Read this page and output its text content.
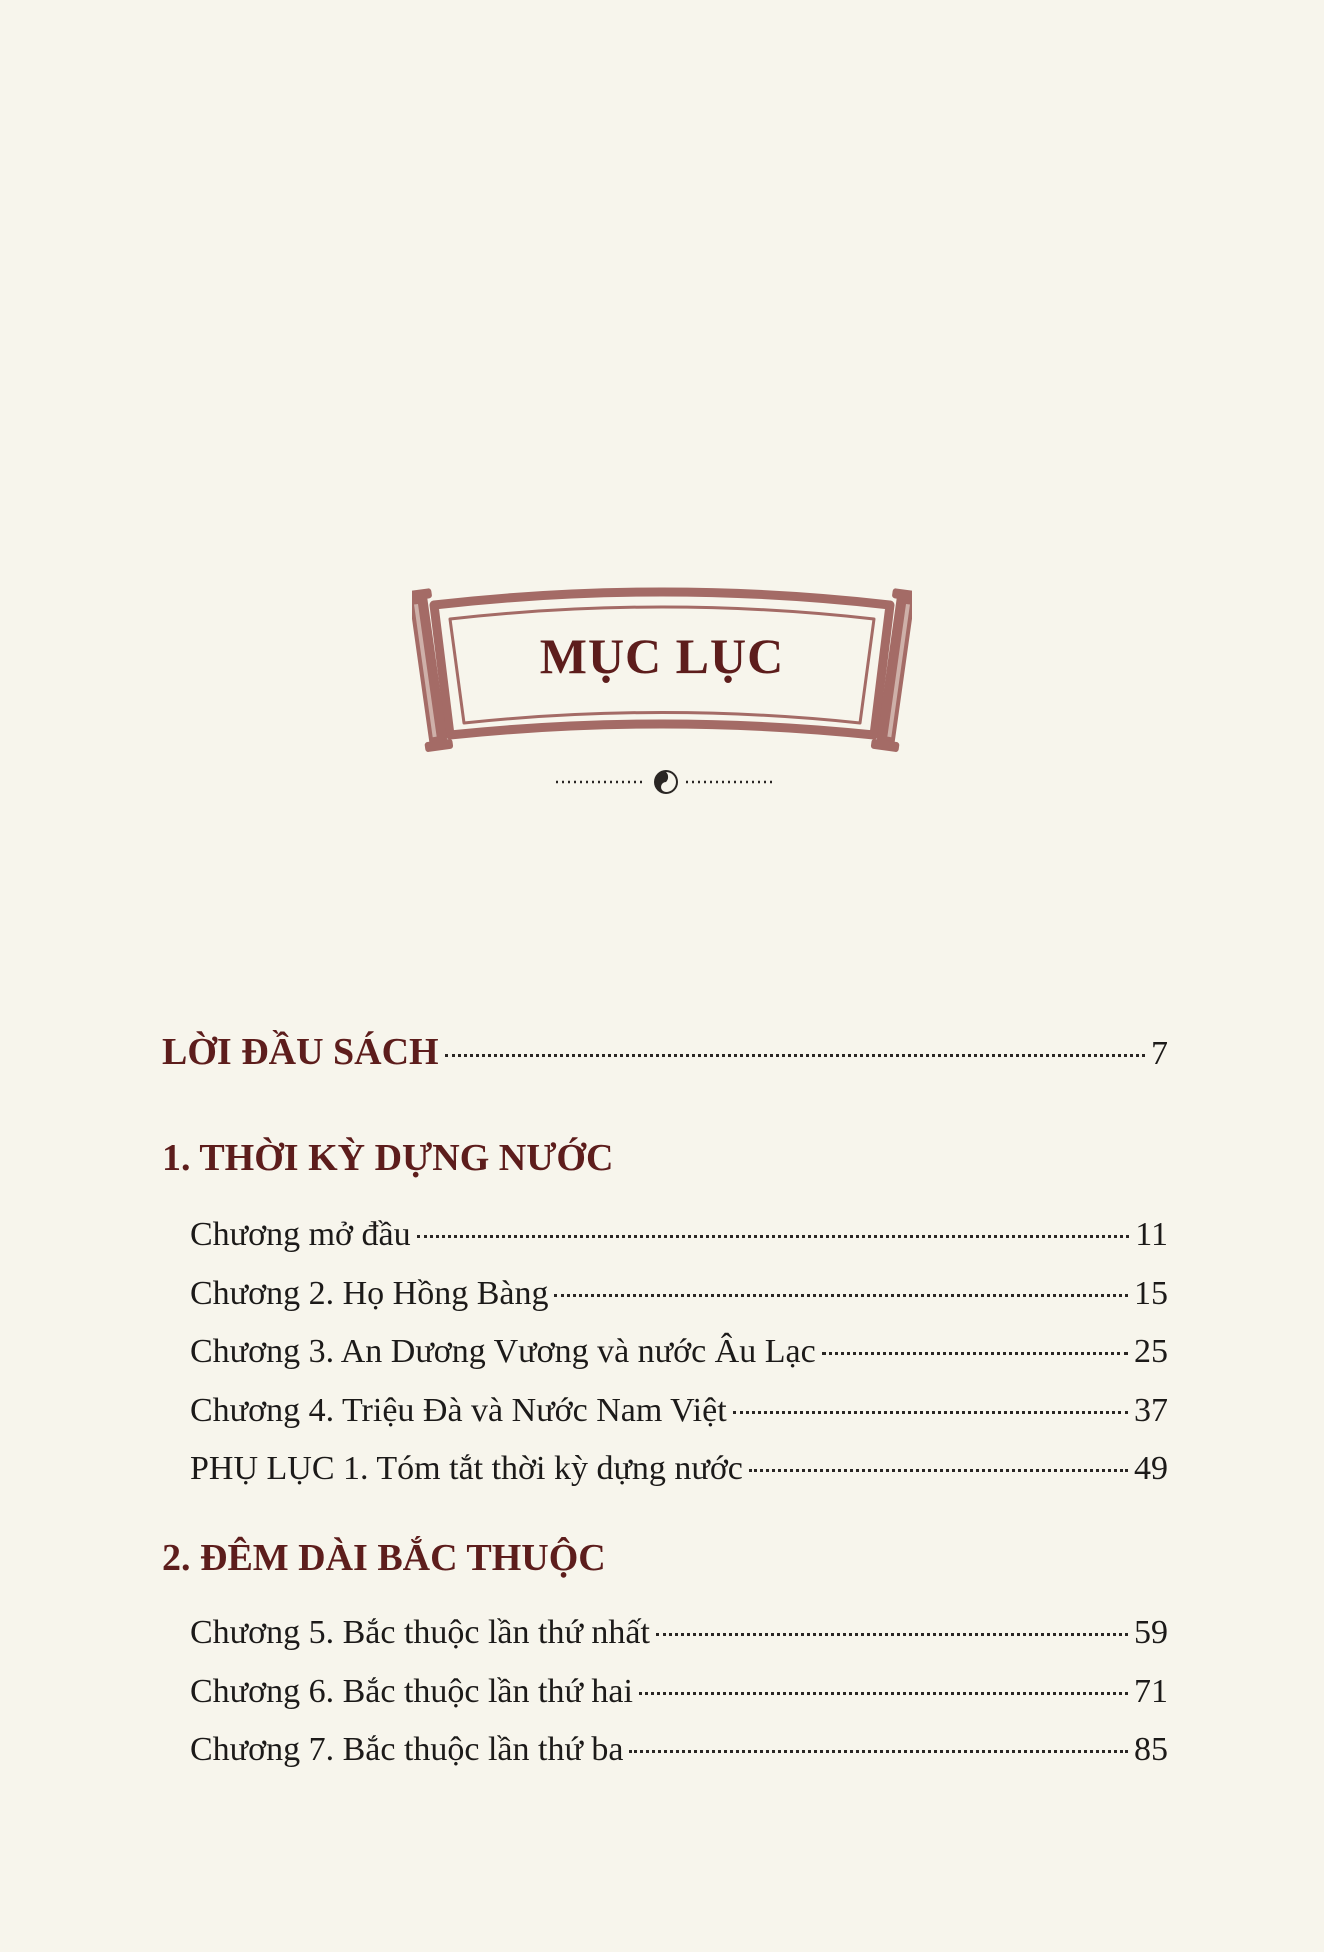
MỤC LỤC
LỜI ĐẦU SÁCH	7
1. THỜI KỲ DỰNG NƯỚC
Chương mở đầu	11
Chương 2. Họ Hồng Bàng	15
Chương 3. An Dương Vương và nước Âu Lạc	25
Chương 4. Triệu Đà và Nước Nam Việt	37
PHỤ LỤC 1. Tóm tắt thời kỳ dựng nước	49
2. ĐÊM DÀI BẮC THUỘC
Chương 5. Bắc thuộc lần thứ nhất	59
Chương 6. Bắc thuộc lần thứ hai	71
Chương 7. Bắc thuộc lần thứ ba	85
